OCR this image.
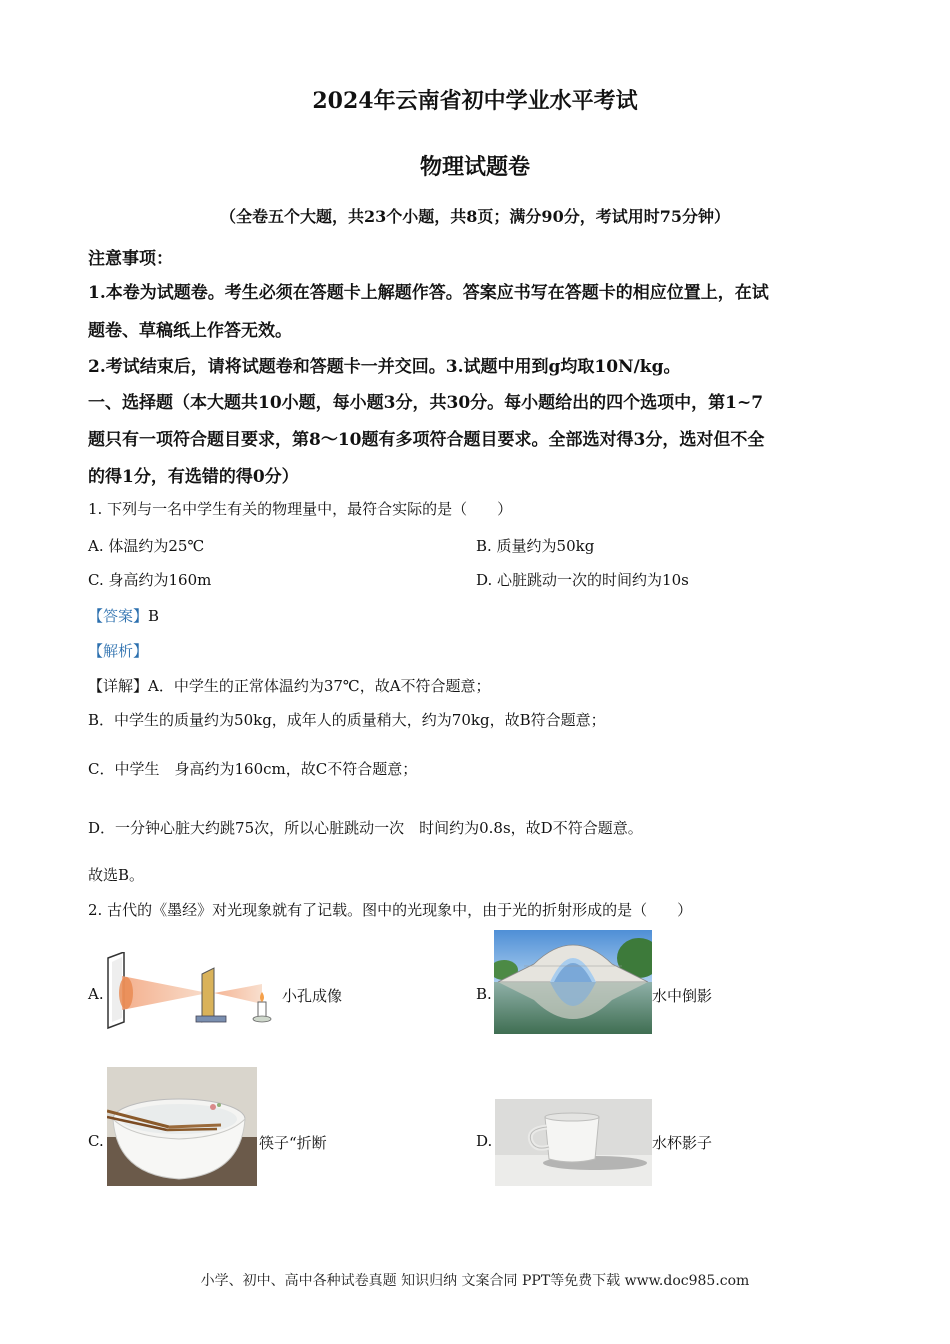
2024年云南省初中学业水平考试
物理试题卷
（全卷五个大题，共23个小题，共8页；满分90分，考试用时75分钟）
注意事项：
1.本卷为试题卷。考生必须在答题卡上解题作答。答案应书写在答题卡的相应位置上，在试
题卷、草稿纸上作答无效。
2.考试结束后，请将试题卷和答题卡一并交回。3.试题中用到g均取10N/kg。
一、选择题（本大题共10小题，每小题3分，共30分。每小题给出的四个选项中，第1~7
题只有一项符合题目要求，第8～10题有多项符合题目要求。全部选对得3分，选对但不全
的得1分，有选错的得0分）
1. 下列与一名中学生有关的物理量中，最符合实际的是（　　）
A. 体温约为25℃	B. 质量约为50kg
C. 身高约为160m	D. 心脏跳动一次的时间约为10s
【答案】B
【解析】
【详解】A．中学生的正常体温约为37℃，故A不符合题意；
B．中学生的质量约为50kg，成年人的质量稍大，约为70kg，故B符合题意；
C．中学生　身高约为160cm，故C不符合题意；
D．一分钟心脏大约跳75次，所以心脏跳动一次　时间约为0.8s，故D不符合题意。
故选B。
2. 古代的《墨经》对光现象就有了记载。图中的光现象中，由于光的折射形成的是（　　）
A.	小孔成像	B.	水中倒影
C.	筷子“折断	D.	水杯影子
小学、初中、高中各种试卷真题 知识归纳 文案合同 PPT等免费下载 www.doc985.com
